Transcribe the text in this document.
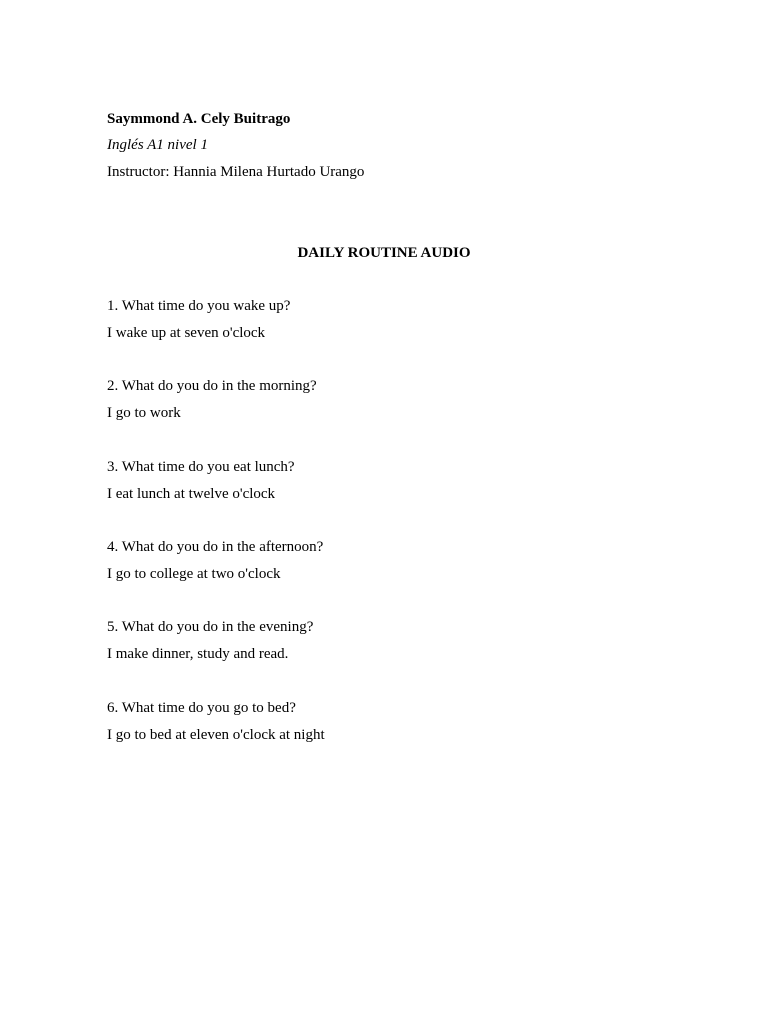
Saymmond A. Cely Buitrago
Inglés A1 nivel 1
Instructor: Hannia Milena Hurtado Urango
DAILY ROUTINE AUDIO
1. What time do you wake up?
I wake up at seven o'clock
2. What do you do in the morning?
I go to work
3. What time do you eat lunch?
I eat lunch at twelve o'clock
4. What do you do in the afternoon?
I go to college at two o'clock
5. What do you do in the evening?
I make dinner, study and read.
6. What time do you go to bed?
I go to bed at eleven o'clock at night
